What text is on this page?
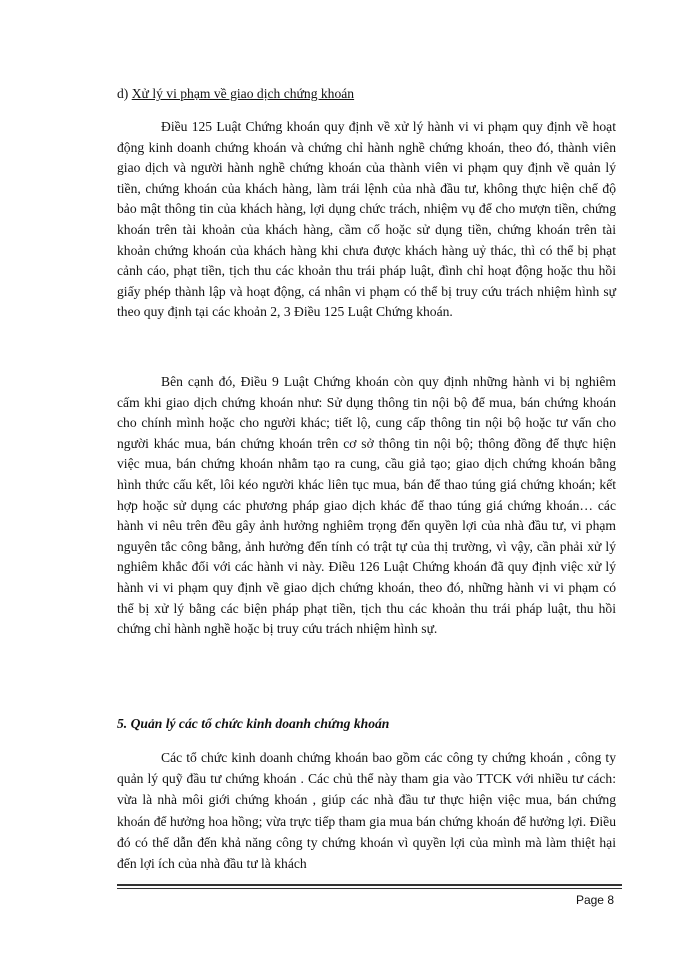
d) Xử lý vi phạm về giao dịch chứng khoán

Điều 125 Luật Chứng khoán quy định về xử lý hành vi vi phạm quy định về hoạt động kinh doanh chứng khoán và chứng chỉ hành nghề chứng khoán, theo đó, thành viên giao dịch và người hành nghề chứng khoán của thành viên vi phạm quy định về quản lý tiền, chứng khoán của khách hàng, làm trái lệnh của nhà đầu tư, không thực hiện chế độ bảo mật thông tin của khách hàng, lợi dụng chức trách, nhiệm vụ để cho mượn tiền, chứng khoán trên tài khoản của khách hàng, cầm cố hoặc sử dụng tiền, chứng khoán trên tài khoản chứng khoán của khách hàng khi chưa được khách hàng uỷ thác, thì có thể bị phạt cảnh cáo, phạt tiền, tịch thu các khoản thu trái pháp luật, đình chỉ hoạt động hoặc thu hồi giấy phép thành lập và hoạt động, cá nhân vi phạm có thể bị truy cứu trách nhiệm hình sự theo quy định tại các khoản 2, 3 Điều 125 Luật Chứng khoán.

Bên cạnh đó, Điều 9 Luật Chứng khoán còn quy định những hành vi bị nghiêm cấm khi giao dịch chứng khoán như: Sử dụng thông tin nội bộ để mua, bán chứng khoán cho chính mình hoặc cho người khác; tiết lộ, cung cấp thông tin nội bộ hoặc tư vấn cho người khác mua, bán chứng khoán trên cơ sở thông tin nội bộ; thông đồng để thực hiện việc mua, bán chứng khoán nhằm tạo ra cung, cầu giả tạo; giao dịch chứng khoán bằng hình thức cấu kết, lôi kéo người khác liên tục mua, bán để thao túng giá chứng khoán; kết hợp hoặc sử dụng các phương pháp giao dịch khác để thao túng giá chứng khoán… các hành vi nêu trên đều gây ảnh hưởng nghiêm trọng đến quyền lợi của nhà đầu tư, vi phạm nguyên tắc công bằng, ảnh hưởng đến tính có trật tự của thị trường, vì vậy, cần phải xử lý nghiêm khắc đối với các hành vi này. Điều 126 Luật Chứng khoán đã quy định việc xử lý hành vi vi phạm quy định về giao dịch chứng khoán, theo đó, những hành vi vi phạm có thể bị xử lý bằng các biện pháp phạt tiền, tịch thu các khoản thu trái pháp luật, thu hồi chứng chỉ hành nghề hoặc bị truy cứu trách nhiệm hình sự.

5. Quản lý các tổ chức kinh doanh chứng khoán

Các tổ chức kinh doanh chứng khoán bao gồm các công ty chứng khoán , công ty quản lý quỹ đầu tư chứng khoán . Các chủ thể này tham gia vào TTCK với nhiều tư cách: vừa là nhà môi giới chứng khoán , giúp các nhà đầu tư thực hiện việc mua, bán chứng khoán để hưởng hoa hồng; vừa trực tiếp tham gia mua bán chứng khoán để hưởng lợi. Điều đó có thể dẫn đến khả năng công ty chứng khoán vì quyền lợi của mình mà làm thiệt hại đến lợi ích của nhà đầu tư là khách

Page 8
